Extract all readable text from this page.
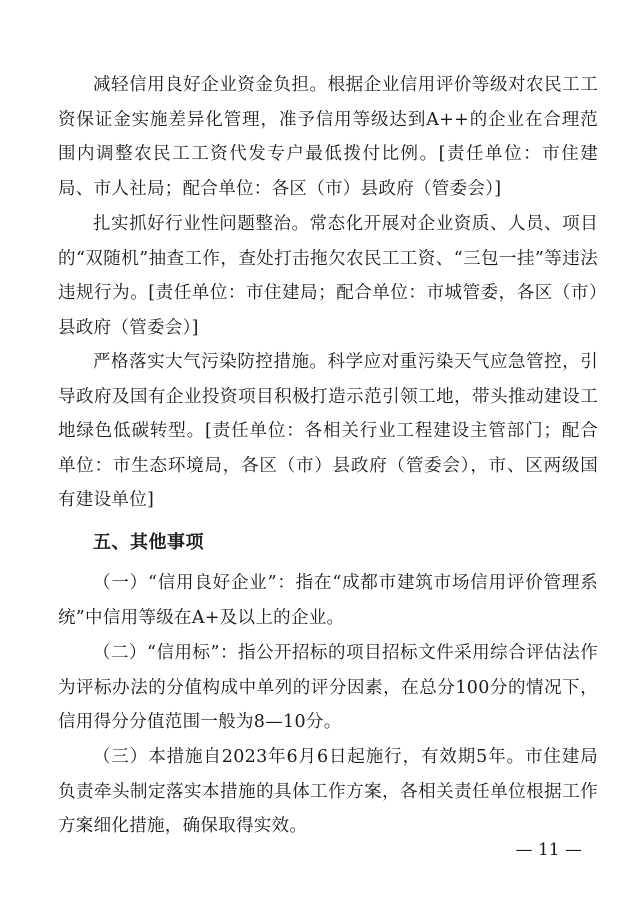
减轻信用良好企业资金负担。根据企业信用评价等级对农民工工资保证金实施差异化管理，准予信用等级达到A++的企业在合理范围内调整农民工工资代发专户最低拨付比例。[责任单位：市住建局、市人社局；配合单位：各区（市）县政府（管委会）]

扎实抓好行业性问题整治。常态化开展对企业资质、人员、项目的“双随机”抽查工作，查处打击拖欠农民工工资、“三包一挂”等违法违规行为。[责任单位：市住建局；配合单位：市城管委，各区（市）县政府（管委会）]

严格落实大气污染防控措施。科学应对重污染天气应急管控，引导政府及国有企业投资项目积极打造示范引领工地，带头推动建设工地绿色低碳转型。[责任单位：各相关行业工程建设主管部门；配合单位：市生态环境局，各区（市）县政府（管委会），市、区两级国有建设单位]

五、其他事项

（一）“信用良好企业”：指在“成都市建筑市场信用评价管理系统”中信用等级在A+及以上的企业。

（二）“信用标”：指公开招标的项目招标文件采用综合评估法作为评标办法的分值构成中单列的评分因素，在总分100分的情况下，信用得分分值范围一般为8—10分。

（三）本措施自2023年6月6日起施行，有效期5年。市住建局负责牵头制定落实本措施的具体工作方案，各相关责任单位根据工作方案细化措施，确保取得实效。

— 11 —
